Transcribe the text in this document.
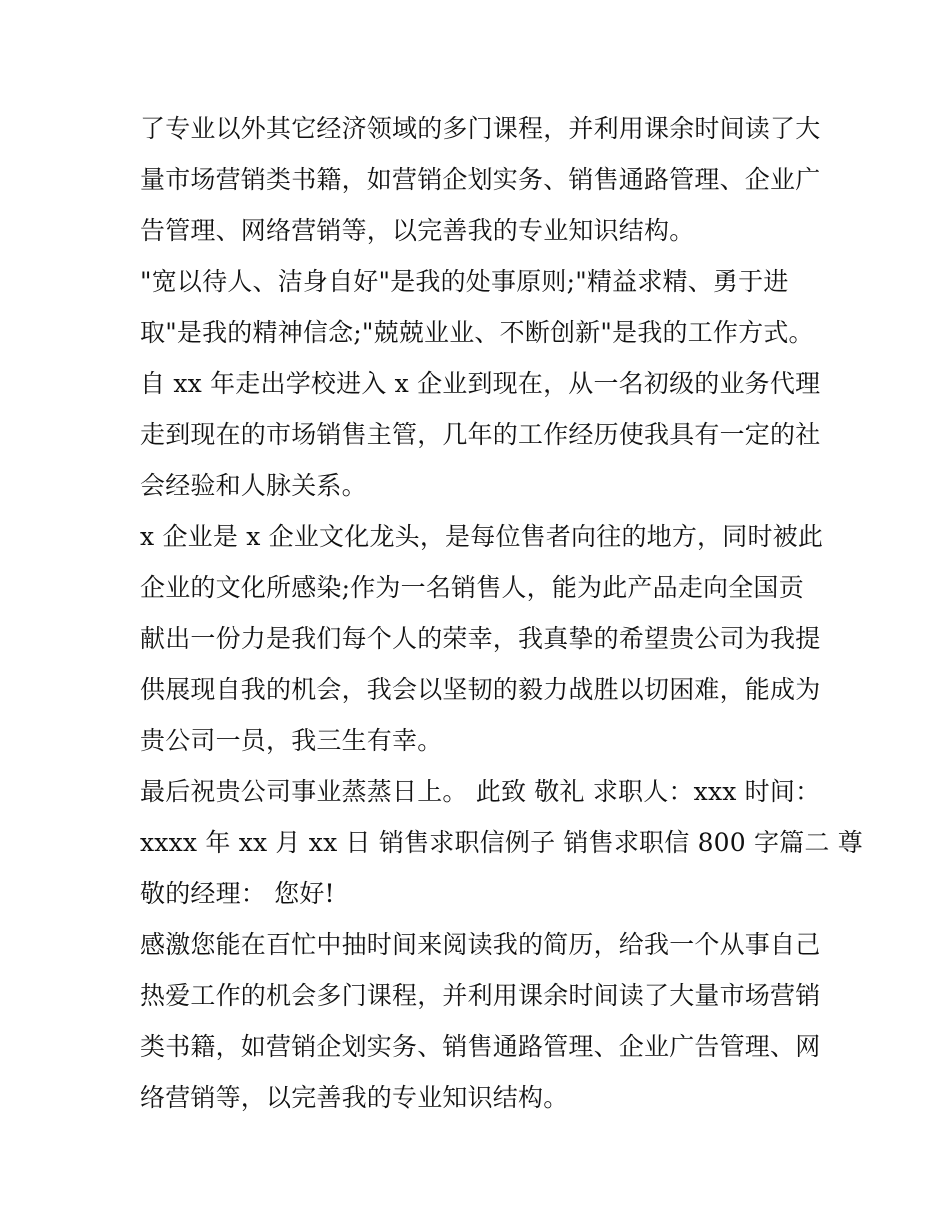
了专业以外其它经济领域的多门课程，并利用课余时间读了大
量市场营销类书籍，如营销企划实务、销售通路管理、企业广
告管理、网络营销等，以完善我的专业知识结构。
"宽以待人、洁身自好"是我的处事原则;"精益求精、勇于进
取"是我的精神信念;"兢兢业业、不断创新"是我的工作方式。
自 xx 年走出学校进入 x 企业到现在，从一名初级的业务代理
走到现在的市场销售主管，几年的工作经历使我具有一定的社
会经验和人脉关系。
x 企业是 x 企业文化龙头，是每位售者向往的地方，同时被此
企业的文化所感染;作为一名销售人，能为此产品走向全国贡
献出一份力是我们每个人的荣幸，我真挚的希望贵公司为我提
供展现自我的机会，我会以坚韧的毅力战胜以切困难，能成为
贵公司一员，我三生有幸。
最后祝贵公司事业蒸蒸日上。 此致 敬礼 求职人：xxx 时间：
xxxx 年 xx 月 xx 日 销售求职信例子 销售求职信 800 字篇二 尊
敬的经理： 您好!
感激您能在百忙中抽时间来阅读我的简历，给我一个从事自己
热爱工作的机会多门课程，并利用课余时间读了大量市场营销
类书籍，如营销企划实务、销售通路管理、企业广告管理、网
络营销等，以完善我的专业知识结构。
